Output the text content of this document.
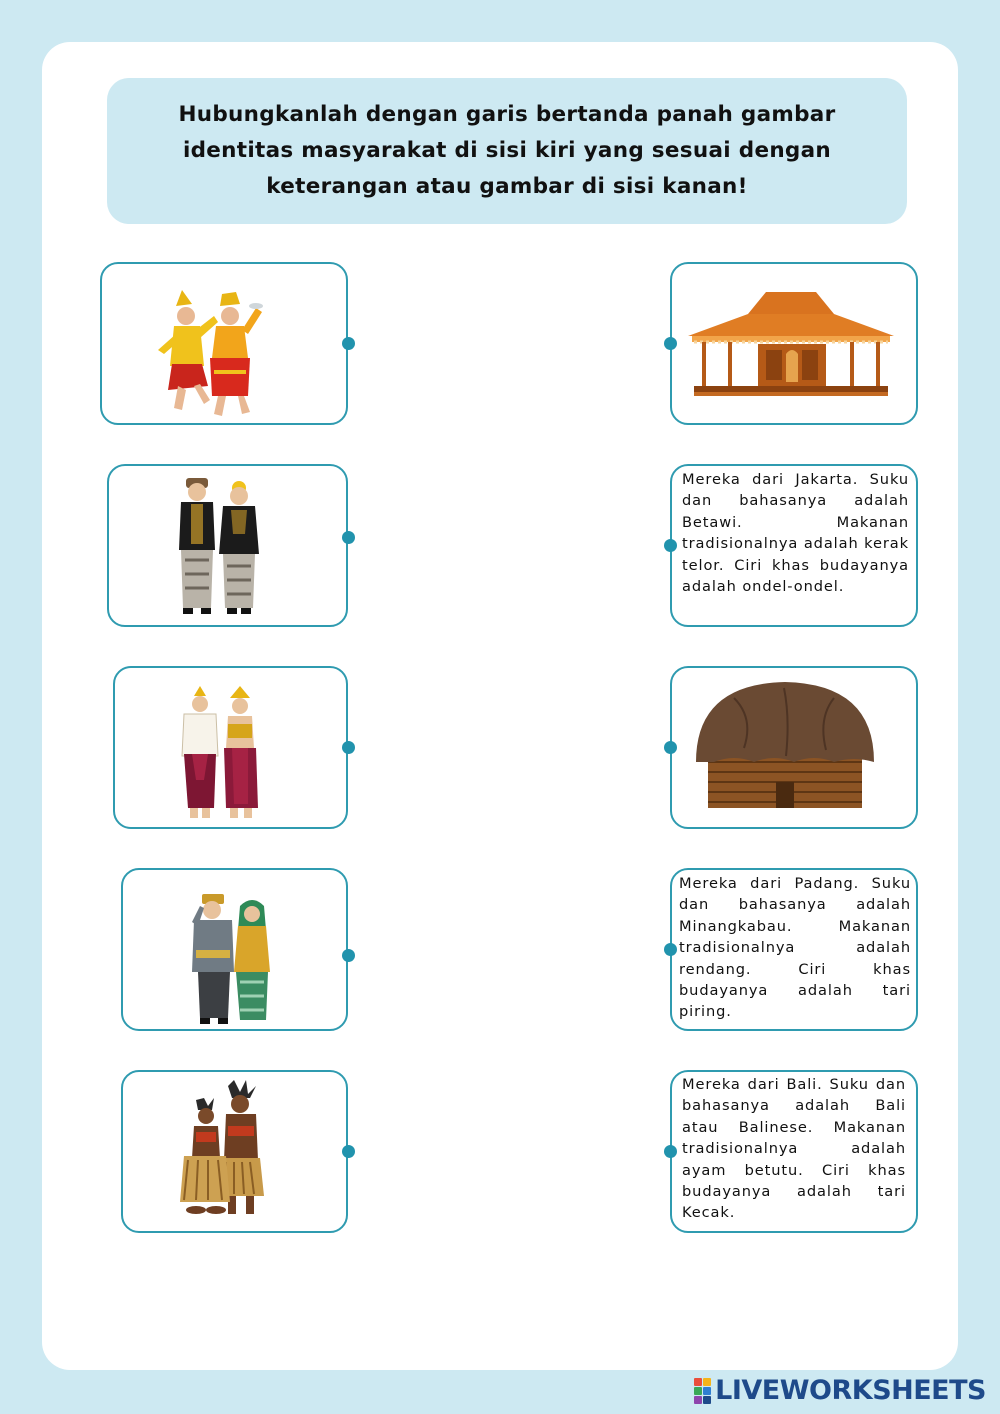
Hubungkanlah dengan garis bertanda panah gambar
identitas masyarakat di sisi kiri yang sesuai dengan
keterangan atau gambar di sisi kanan!
Mereka dari Jakarta. Suku dan bahasanya adalah Betawi. Makanan tradisionalnya adalah kerak telor. Ciri khas budayanya adalah ondel-ondel.
Mereka dari Padang. Suku dan bahasanya adalah Minangkabau. Makanan tradisionalnya adalah rendang. Ciri khas budayanya adalah tari piring.
Mereka dari Bali. Suku dan bahasanya adalah Bali atau Balinese. Makanan tradisionalnya adalah ayam betutu. Ciri khas budayanya adalah tari Kecak.
LIVEWORKSHEETS
